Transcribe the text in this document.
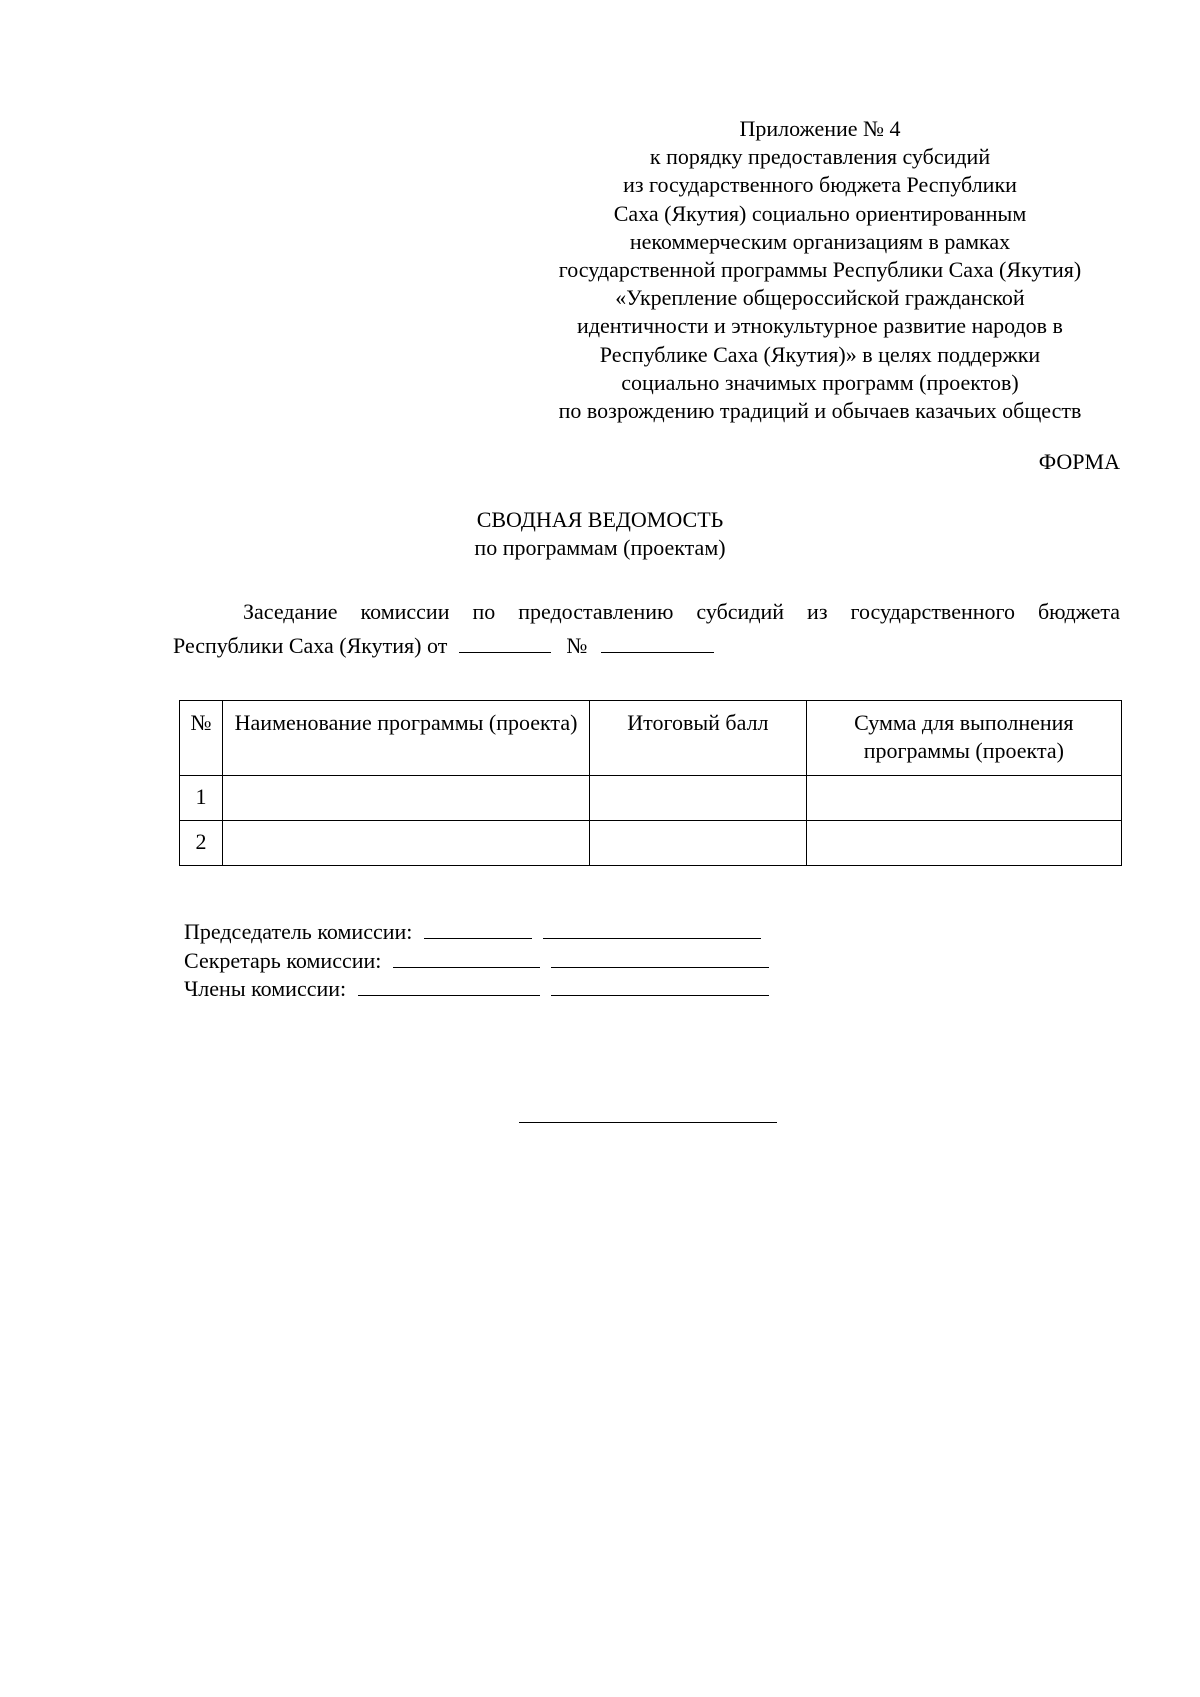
Приложение № 4
к порядку предоставления субсидий
из государственного бюджета Республики
Саха (Якутия) социально ориентированным
некоммерческим организациям в рамках
государственной программы Республики Саха (Якутия)
«Укрепление общероссийской гражданской
идентичности и этнокультурное развитие народов в
Республике Саха (Якутия)» в целях поддержки
социально значимых программ (проектов)
по возрождению традиций и обычаев казачьих обществ
ФОРМА
СВОДНАЯ ВЕДОМОСТЬ
по программам (проектам)
Заседание комиссии по предоставлению субсидий из государственного бюджета
Республики Саха (Якутия) от	№
№	Наименование программы (проекта)	Итоговый балл	Сумма для выполнения программы (проекта)
1			
2			
Председатель комиссии:
Секретарь комиссии:
Члены комиссии:
